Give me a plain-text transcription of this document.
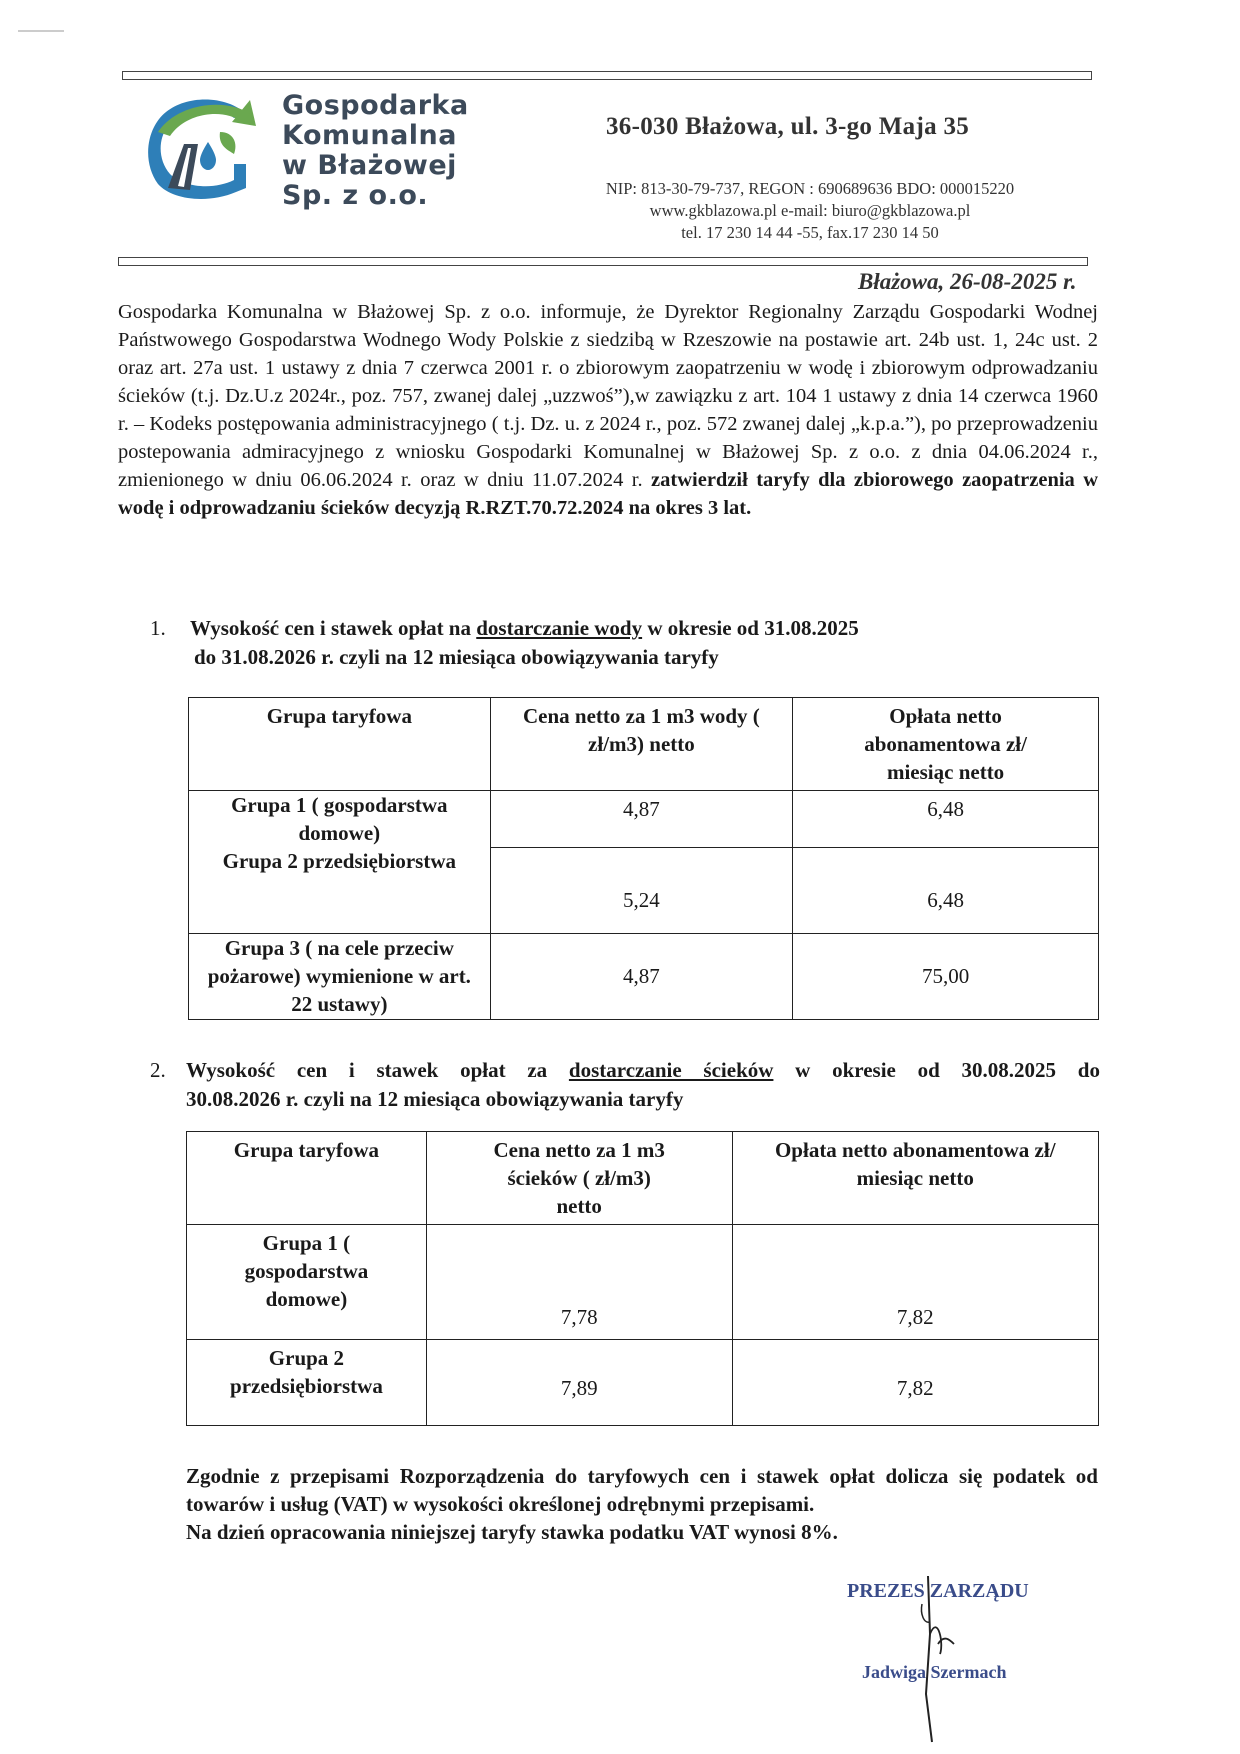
Gospodarka
Komunalna
w Błażowej
Sp. z o.o.
36-030 Błażowa, ul. 3-go Maja 35
NIP: 813-30-79-737, REGON : 690689636 BDO: 000015220
www.gkblazowa.pl e-mail: biuro@gkblazowa.pl
tel. 17 230 14 44 -55, fax.17 230 14 50
Błażowa, 26-08-2025 r.
Gospodarka Komunalna w Błażowej Sp. z o.o. informuje, że Dyrektor Regionalny Zarządu Gospodarki Wodnej Państwowego Gospodarstwa Wodnego Wody Polskie z siedzibą w Rzeszowie na postawie art. 24b ust. 1, 24c ust. 2 oraz art. 27a ust. 1 ustawy z dnia 7 czerwca 2001 r. o zbiorowym zaopatrzeniu w wodę i zbiorowym odprowadzaniu ścieków (t.j. Dz.U.z 2024r., poz. 757, zwanej dalej „uzzwoś”),w zawiązku z art. 104 1 ustawy z dnia 14 czerwca 1960 r. – Kodeks postępowania administracyjnego ( t.j. Dz. u. z 2024 r., poz. 572 zwanej dalej „k.p.a.”), po przeprowadzeniu postepowania admiracyjnego z wniosku Gospodarki Komunalnej w Błażowej Sp. z o.o. z dnia 04.06.2024 r., zmienionego w dniu 06.06.2024 r. oraz w dniu 11.07.2024 r. zatwierdził taryfy dla zbiorowego zaopatrzenia w wodę i odprowadzaniu ścieków decyzją R.RZT.70.72.2024 na okres 3 lat.
1. Wysokość cen i stawek opłat na dostarczanie wody w okresie od 31.08.2025
do 31.08.2026 r. czyli na 12 miesiąca obowiązywania taryfy
Grupa taryfowa	Cena netto za 1 m3 wody ( zł/m3) netto	Opłata netto abonamentowa zł/ miesiąc netto

Grupa 1 ( gospodarstwa domowe)	4,87	6,48
Grupa 2 przedsiębiorstwa	5,24	6,48
Grupa 3 ( na cele przeciw pożarowe) wymienione w art. 22 ustawy)	4,87	75,00
2. Wysokość cen i stawek opłat za dostarczanie ścieków w okresie od 30.08.2025 do
30.08.2026 r. czyli na 12 miesiąca obowiązywania taryfy
Grupa taryfowa	Cena netto za 1 m3 ścieków ( zł/m3) netto	Opłata netto abonamentowa zł/ miesiąc netto

Grupa 1 ( gospodarstwa domowe)	7,78	7,82
Grupa 2 przedsiębiorstwa	7,89	7,82
Zgodnie z przepisami Rozporządzenia do taryfowych cen i stawek opłat dolicza się podatek od towarów i usług (VAT) w wysokości określonej odrębnymi przepisami.
Na dzień opracowania niniejszej taryfy stawka podatku VAT wynosi 8%.
PREZES ZARZĄDU
Jadwiga Szermach
